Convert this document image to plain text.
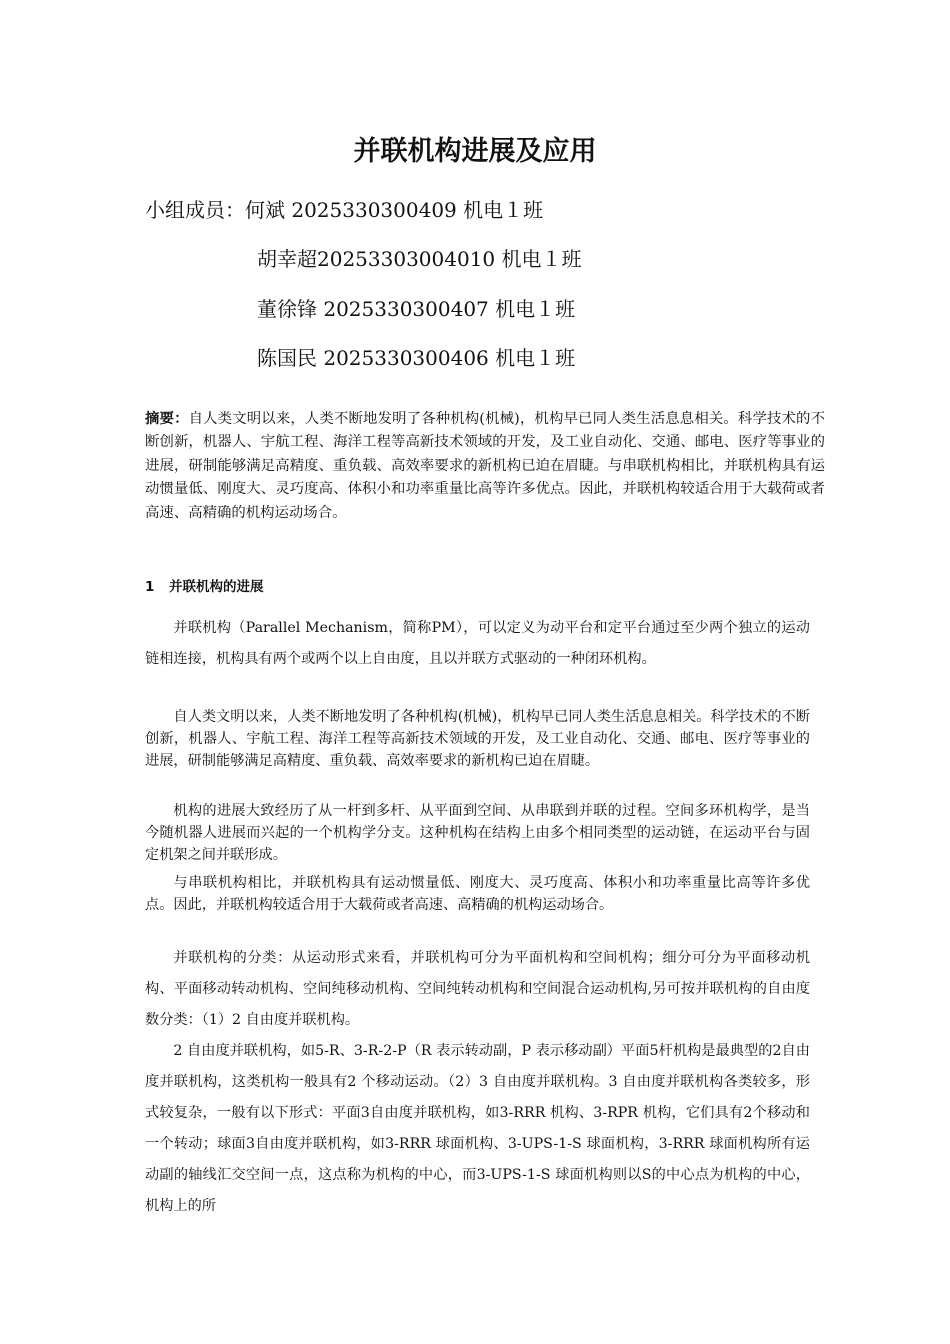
并联机构进展及应用
小组成员：何斌 2025330300409 机电１班
胡幸超20253303004010 机电１班
董徐锋 2025330300407 机电１班
陈国民 2025330300406 机电１班
摘要：自人类文明以来，人类不断地发明了各种机构(机械)，机构早已同人类生活息息相关。科学技术的不断创新，机器人、宇航工程、海洋工程等高新技术领域的开发，及工业自动化、交通、邮电、医疗等事业的进展，研制能够满足高精度、重负载、高效率要求的新机构已迫在眉睫。与串联机构相比，并联机构具有运动惯量低、刚度大、灵巧度高、体积小和功率重量比高等许多优点。因此，并联机构较适合用于大载荷或者高速、高精确的机构运动场合。
1 并联机构的进展

并联机构（Parallel Mechanism，简称PM），可以定义为动平台和定平台通过至少两个独立的运动链相连接，机构具有两个或两个以上自由度，且以并联方式驱动的一种闭环机构。

自人类文明以来，人类不断地发明了各种机构(机械)，机构早已同人类生活息息相关。科学技术的不断创新，机器人、宇航工程、海洋工程等高新技术领域的开发，及工业自动化、交通、邮电、医疗等事业的进展，研制能够满足高精度、重负载、高效率要求的新机构已迫在眉睫。

机构的进展大致经历了从一杆到多杆、从平面到空间、从串联到并联的过程。空间多环机构学，是当今随机器人进展而兴起的一个机构学分支。这种机构在结构上由多个相同类型的运动链，在运动平台与固定机架之间并联形成。

与串联机构相比，并联机构具有运动惯量低、刚度大、灵巧度高、体积小和功率重量比高等许多优点。因此，并联机构较适合用于大载荷或者高速、高精确的机构运动场合。

并联机构的分类：从运动形式来看，并联机构可分为平面机构和空间机构；细分可分为平面移动机构、平面移动转动机构、空间纯移动机构、空间纯转动机构和空间混合运动机构,另可按并联机构的自由度数分类：（1）2 自由度并联机构。

2 自由度并联机构，如5-R、3-R-2-P（R 表示转动副，P 表示移动副）平面5杆机构是最典型的2自由度并联机构，这类机构一般具有2 个移动运动。（2）3 自由度并联机构。3 自由度并联机构各类较多，形式较复杂，一般有以下形式：平面3自由度并联机构，如3-RRR 机构、3-RPR 机构，它们具有2个移动和一个转动；球面3自由度并联机构，如3-RRR 球面机构、3-UPS-1-S 球面机构，3-RRR 球面机构所有运动副的轴线汇交空间一点，这点称为机构的中心，而3-UPS-1-S 球面机构则以S的中心点为机构的中心，机构上的所
